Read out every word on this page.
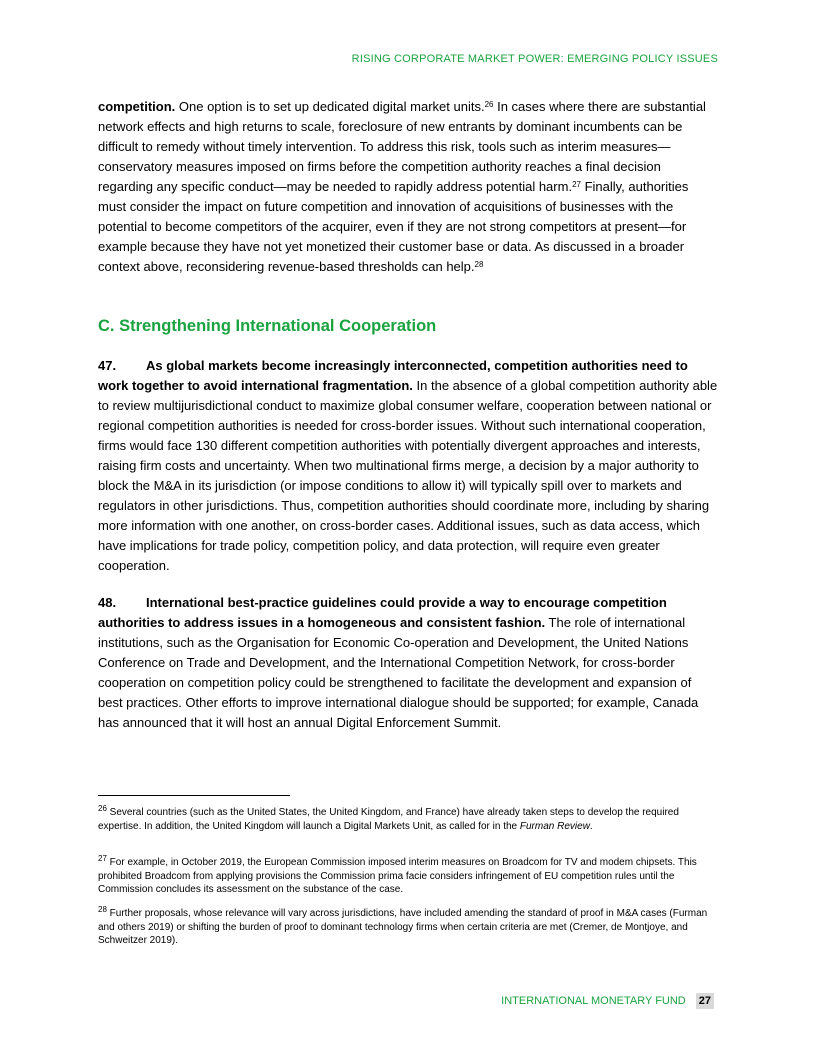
RISING CORPORATE MARKET POWER: EMERGING POLICY ISSUES

competition. One option is to set up dedicated digital market units.$^{26}$ In cases where there are substantial network effects and high returns to scale, foreclosure of new entrants by dominant incumbents can be difficult to remedy without timely intervention. To address this risk, tools such as interim measures—conservatory measures imposed on firms before the competition authority reaches a final decision regarding any specific conduct—may be needed to rapidly address potential harm.$^{27}$ Finally, authorities must consider the impact on future competition and innovation of acquisitions of businesses with the potential to become competitors of the acquirer, even if they are not strong competitors at present—for example because they have not yet monetized their customer base or data. As discussed in a broader context above, reconsidering revenue-based thresholds can help.$^{28}$

C. Strengthening International Cooperation

47. As global markets become increasingly interconnected, competition authorities need to work together to avoid international fragmentation. In the absence of a global competition authority able to review multijurisdictional conduct to maximize global consumer welfare, cooperation between national or regional competition authorities is needed for cross-border issues. Without such international cooperation, firms would face 130 different competition authorities with potentially divergent approaches and interests, raising firm costs and uncertainty. When two multinational firms merge, a decision by a major authority to block the M&A in its jurisdiction (or impose conditions to allow it) will typically spill over to markets and regulators in other jurisdictions. Thus, competition authorities should coordinate more, including by sharing more information with one another, on cross-border cases. Additional issues, such as data access, which have implications for trade policy, competition policy, and data protection, will require even greater cooperation.

48. International best-practice guidelines could provide a way to encourage competition authorities to address issues in a homogeneous and consistent fashion. The role of international institutions, such as the Organisation for Economic Co-operation and Development, the United Nations Conference on Trade and Development, and the International Competition Network, for cross-border cooperation on competition policy could be strengthened to facilitate the development and expansion of best practices. Other efforts to improve international dialogue should be supported; for example, Canada has announced that it will host an annual Digital Enforcement Summit.

$^{26}$ Several countries (such as the United States, the United Kingdom, and France) have already taken steps to develop the required expertise. In addition, the United Kingdom will launch a Digital Markets Unit, as called for in the Furman Review.
$^{27}$ For example, in October 2019, the European Commission imposed interim measures on Broadcom for TV and modem chipsets. This prohibited Broadcom from applying provisions the Commission prima facie considers infringement of EU competition rules until the Commission concludes its assessment on the substance of the case.
$^{28}$ Further proposals, whose relevance will vary across jurisdictions, have included amending the standard of proof in M&A cases (Furman and others 2019) or shifting the burden of proof to dominant technology firms when certain criteria are met (Cremer, de Montjoye, and Schweitzer 2019).
INTERNATIONAL MONETARY FUND 27
